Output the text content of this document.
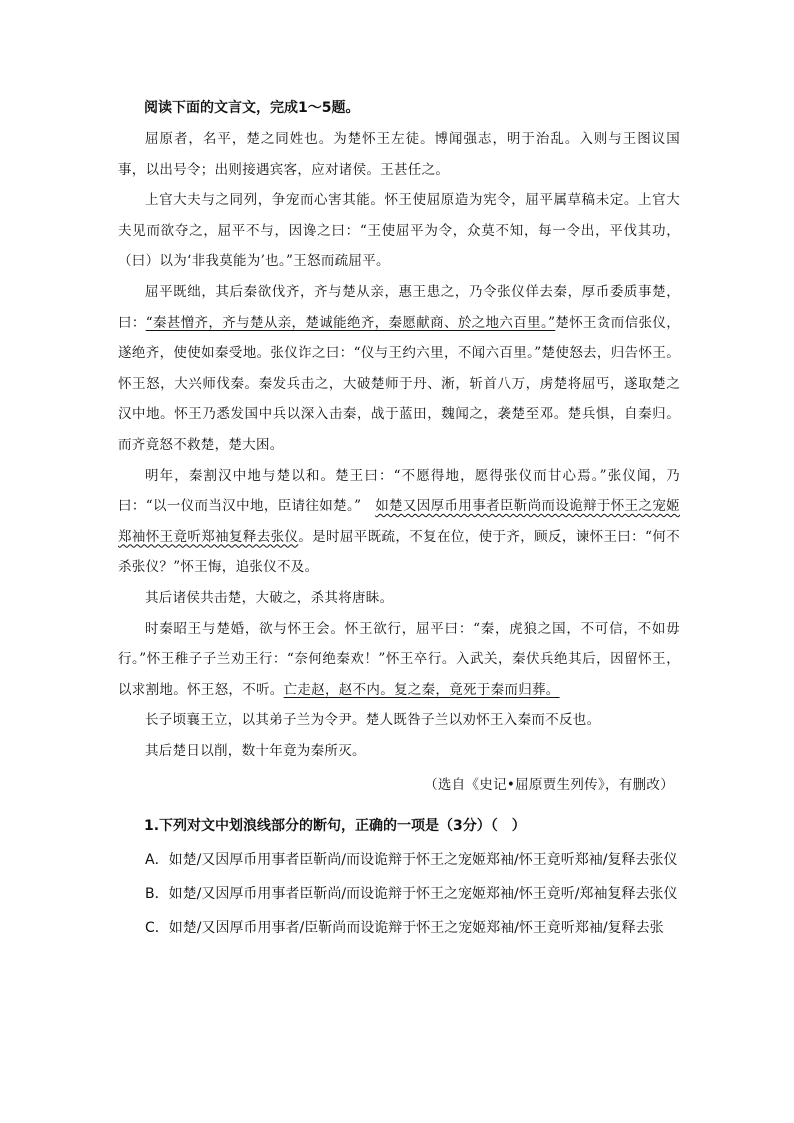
阅读下面的文言文，完成1～5题。

屈原者，名平，楚之同姓也。为楚怀王左徒。博闻强志，明于治乱。入则与王图议国事，以出号令；出则接遇宾客，应对诸侯。王甚任之。

上官大夫与之同列，争宠而心害其能。怀王使屈原造为宪令，屈平属草稿未定。上官大夫见而欲夺之，屈平不与，因谗之曰：“王使屈平为令，众莫不知，每一令出，平伐其功，（曰）以为‘非我莫能为’也。”王怒而疏屈平。

屈平既绌，其后秦欲伐齐，齐与楚从亲，惠王患之，乃令张仪佯去秦，厚币委质事楚，曰：“秦甚憎齐，齐与楚从亲，楚诚能绝齐，秦愿献商、於之地六百里。”楚怀王贪而信张仪，遂绝齐，使使如秦受地。张仪诈之曰：“仪与王约六里，不闻六百里。”楚使怒去，归告怀王。怀王怒，大兴师伐秦。秦发兵击之，大破楚师于丹、淅，斩首八万，虏楚将屈丐，遂取楚之汉中地。怀王乃悉发国中兵以深入击秦，战于蓝田，魏闻之，袭楚至邓。楚兵惧，自秦归。而齐竟怒不救楚，楚大困。

明年，秦割汉中地与楚以和。楚王曰：“不愿得地，愿得张仪而甘心焉。”张仪闻，乃曰：“以一仪而当汉中地，臣请往如楚。”　 如楚又因厚币用事者臣靳尚而设诡辩于怀王之宠姬郑袖怀王竟听郑袖复释去张仪。是时屈平既疏，不复在位，使于齐，顾反，谏怀王曰：“何不杀张仪？”怀王悔，追张仪不及。

其后诸侯共击楚，大破之，杀其将唐眛。

时秦昭王与楚婚，欲与怀王会。怀王欲行，屈平曰：“秦，虎狼之国，不可信，不如毋行。”怀王稚子子兰劝王行：“奈何绝秦欢！”怀王卒行。入武关，秦伏兵绝其后，因留怀王，以求割地。怀王怒，不听。亡走赵，赵不内。复之秦，竟死于秦而归葬。

长子顷襄王立，以其弟子兰为令尹。楚人既咎子兰以劝怀王入秦而不反也。

其后楚日以削，数十年竟为秦所灭。

（选自《史记•屈原贾生列传》，有删改）

1.下列对文中划浪线部分的断句，正确的一项是（3分）（　）

A．如楚/又因厚币用事者臣靳尚/而设诡辩于怀王之宠姬郑袖/怀王竟听郑袖/复释去张仪

B．如楚/又因厚币用事者臣靳尚/而设诡辩于怀王之宠姬郑袖/怀王竟听/郑袖复释去张仪

C．如楚/又因厚币用事者/臣靳尚而设诡辩于怀王之宠姬郑袖/怀王竟听郑袖/复释去张
